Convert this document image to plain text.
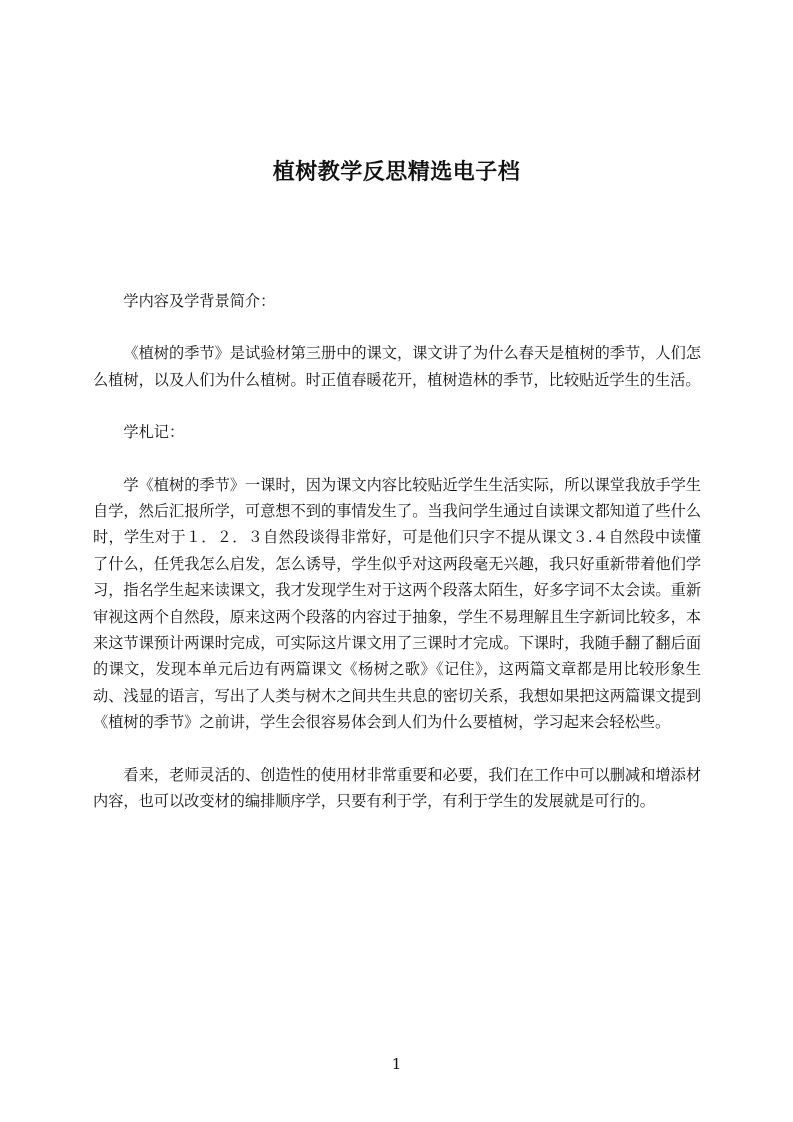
植树教学反思精选电子档

学内容及学背景简介：

《植树的季节》是试验材第三册中的课文，课文讲了为什么春天是植树的季节，人们怎么植树，以及人们为什么植树。时正值春暖花开，植树造林的季节，比较贴近学生的生活。

学札记：

学《植树的季节》一课时，因为课文内容比较贴近学生生活实际，所以课堂我放手学生自学，然后汇报所学，可意想不到的事情发生了。当我问学生通过自读课文都知道了些什么时，学生对于１．２．３自然段谈得非常好，可是他们只字不提从课文３.４自然段中读懂了什么，任凭我怎么启发，怎么诱导，学生似乎对这两段毫无兴趣，我只好重新带着他们学习，指名学生起来读课文，我才发现学生对于这两个段落太陌生，好多字词不太会读。重新审视这两个自然段，原来这两个段落的内容过于抽象，学生不易理解且生字新词比较多，本来这节课预计两课时完成，可实际这片课文用了三课时才完成。下课时，我随手翻了翻后面的课文，发现本单元后边有两篇课文《杨树之歌》《记住》，这两篇文章都是用比较形象生动、浅显的语言，写出了人类与树木之间共生共息的密切关系，我想如果把这两篇课文提到《植树的季节》之前讲，学生会很容易体会到人们为什么要植树，学习起来会轻松些。

看来，老师灵活的、创造性的使用材非常重要和必要，我们在工作中可以删减和增添材内容，也可以改变材的编排顺序学，只要有利于学，有利于学生的发展就是可行的。

1
